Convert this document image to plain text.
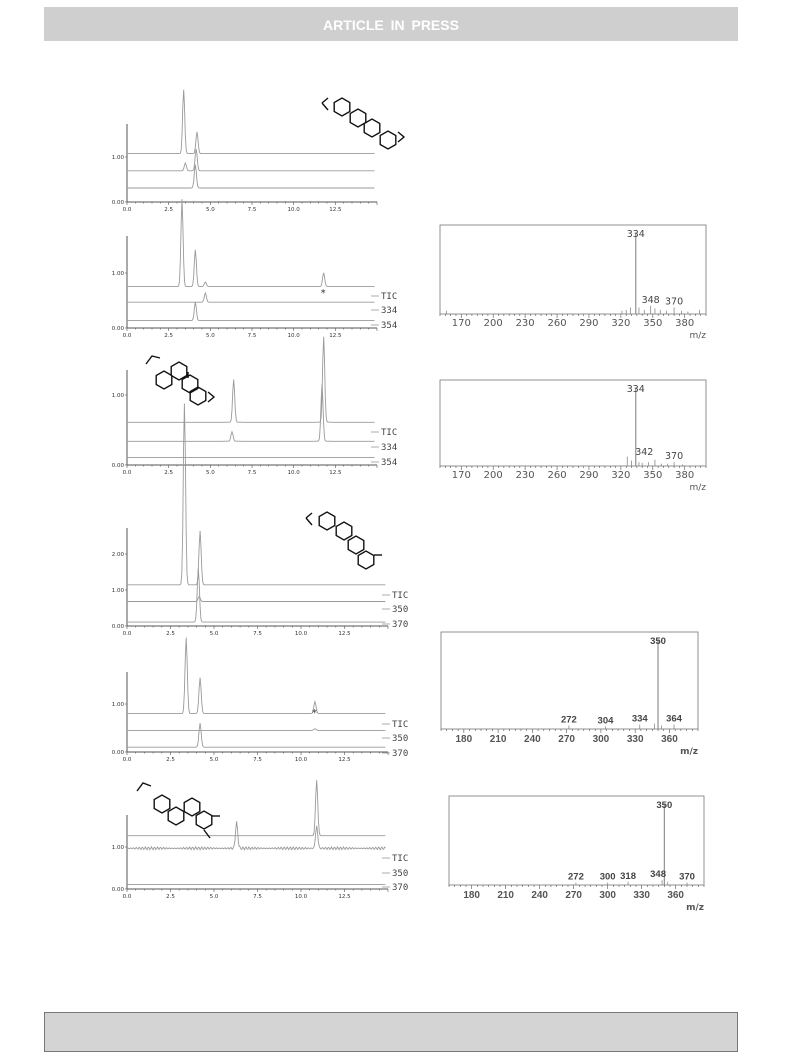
ARTICLE IN PRESS
0.0	2.5	5.0	7.5	10.0	12.5
1.00
0.00
0.0	2.5	5.0	7.5	10.0	12.5
1.00
0.00
TIC
334
354
*
0.0	2.5	5.0	7.5	10.0	12.5
1.00
0.00
TIC
334
354
0.0	2.5	5.0	7.5	10.0	12.5
2.00
1.00
0.00
TIC
350
370
0.0	2.5	5.0	7.5	10.0	12.5
1.00
0.00
TIC
350
370
*
0.0	2.5	5.0	7.5	10.0	12.5
1.00
0.00
TIC
350
370
170 200 230 260 290 320 350 380
m/z
334
348 370
170 200 230 260 290 320 350 380
m/z
334
342 370
180 210 240 270 300 330 360
m/z
272 304 334
350
364
180 210 240 270 300 330 360
m/z
272 300 318 348
350
370
